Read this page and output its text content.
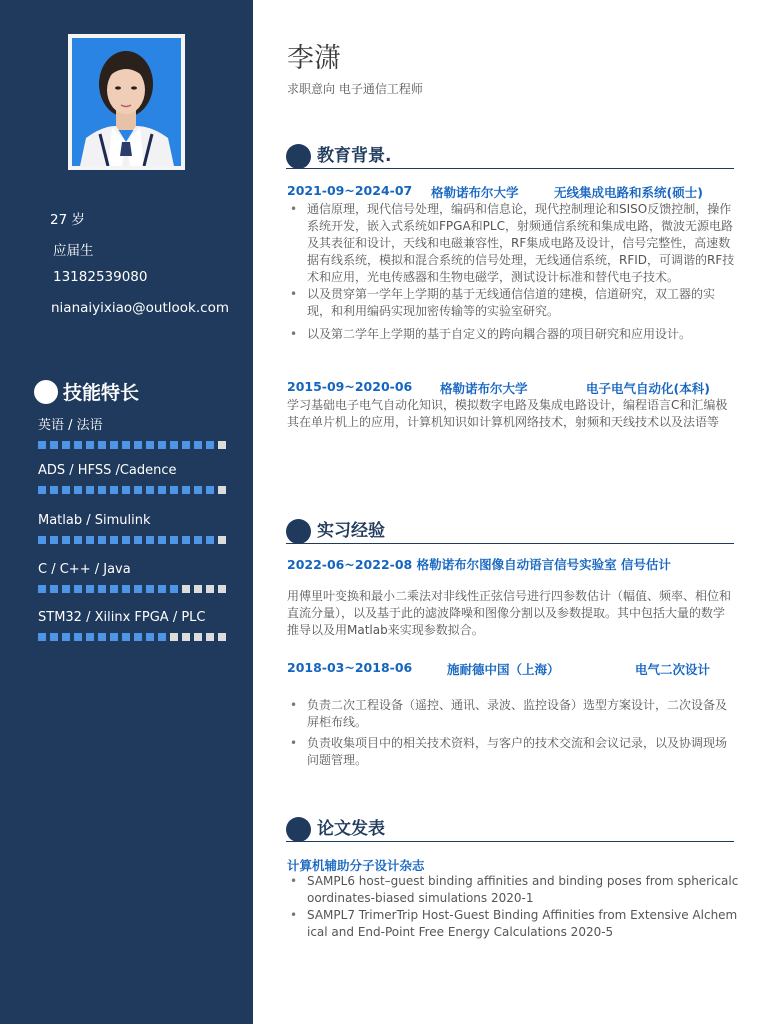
27 岁
应届生
13182539080
nianaiyixiao@outlook.com
技能特长
英语 / 法语
ADS / HFSS /Cadence
Matlab / Simulink
C / C++ / Java
STM32 / Xilinx FPGA / PLC
李潇
求职意向 电子通信工程师
教育背景.
2021-09~2024-07 格勒诺布尔大学	无线集成电路和系统(硕士)
• 通信原理，现代信号处理，编码和信息论，现代控制理论和SISO反馈控制，操作系统开发，嵌入式系统如FPGA和PLC，射频通信系统和集成电路，微波无源电路及其表征和设计，天线和电磁兼容性，RF集成电路及设计，信号完整性，高速数据有线系统，模拟和混合系统的信号处理，无线通信系统，RFID，可调谐的RF技术和应用，光电传感器和生物电磁学，测试设计标准和替代电子技术。
• 以及贯穿第一学年上学期的基于无线通信信道的建模，信道研究，双工器的实现，和利用编码实现加密传输等的实验室研究。
• 以及第二学年上学期的基于自定义的跨向耦合器的项目研究和应用设计。
2015-09~2020-06 格勒诺布尔大学	电子电气自动化(本科)
学习基础电子电气自动化知识，模拟数字电路及集成电路设计，编程语言C和汇编极其在单片机上的应用，计算机知识如计算机网络技术，射频和天线技术以及法语等
实习经验
2022-06~2022-08 格勒诺布尔图像自动语言信号实验室 信号估计
用傅里叶变换和最小二乘法对非线性正弦信号进行四参数估计（幅值、频率、相位和直流分量），以及基于此的滤波降噪和图像分割以及参数提取。其中包括大量的数学推导以及用Matlab来实现参数拟合。
2018-03~2018-06	施耐德中国（上海）	电气二次设计
• 负责二次工程设备（遥控、通讯、录波、监控设备）选型方案设计，二次设备及屏柜布线。
• 负责收集项目中的相关技术资料，与客户的技术交流和会议记录，以及协调现场问题管理。
论文发表
计算机辅助分子设计杂志
• SAMPL6 host–guest binding affinities and binding poses from sphericalcoordinates-biased simulations 2020-1
• SAMPL7 TrimerTrip Host-Guest Binding Affinities from Extensive Alchemical and End-Point Free Energy Calculations 2020-5
